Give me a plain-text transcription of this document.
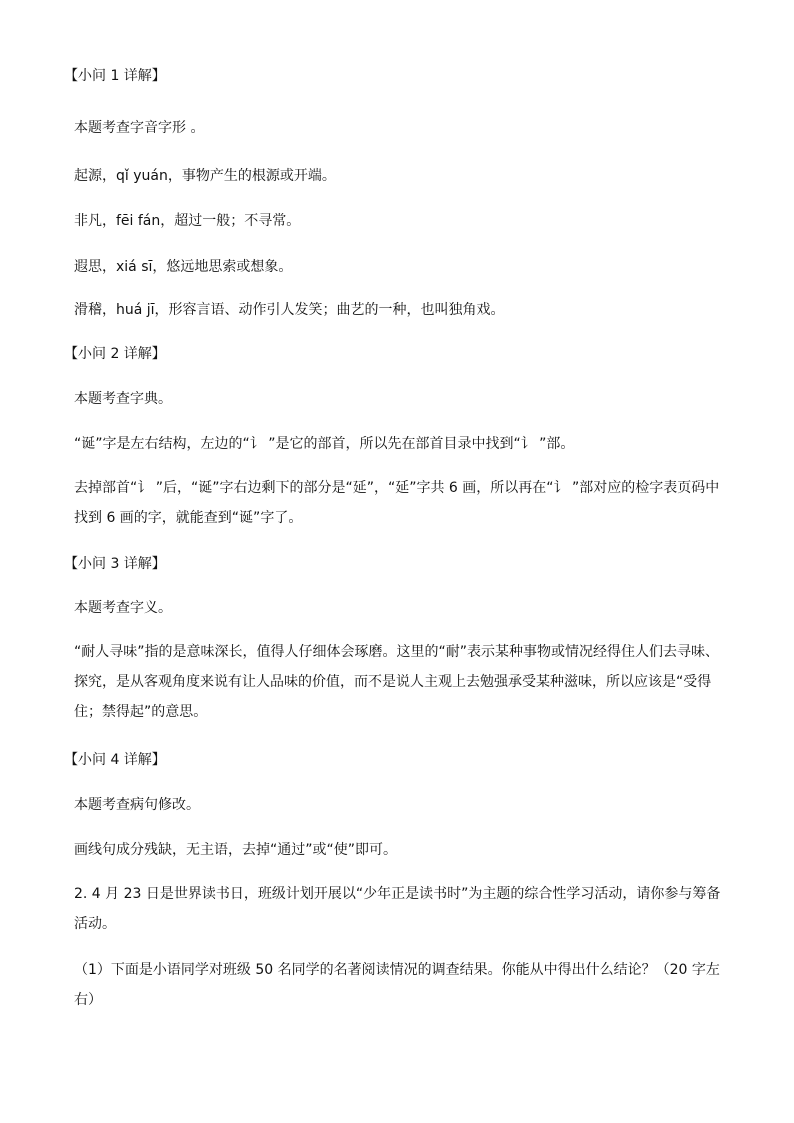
【小问 1 详解】
本题考查字音字形 。
起源，qǐ yuán，事物产生的根源或开端。
非凡，fēi fán，超过一般；不寻常。
遐思，xiá sī，悠远地思索或想象。
滑稽，huá jī，形容言语、动作引人发笑；曲艺的一种，也叫独角戏。
【小问 2 详解】
本题考查字典。
“诞”字是左右结构，左边的“讠 ”是它的部首，所以先在部首目录中找到“讠 ”部。
去掉部首“讠 ”后，“诞”字右边剩下的部分是“延”，“延”字共 6 画，所以再在“讠 ”部对应的检字表页码中找到 6 画的字，就能查到“诞”字了。
【小问 3 详解】
本题考查字义。
“耐人寻味”指的是意味深长，值得人仔细体会琢磨。这里的“耐”表示某种事物或情况经得住人们去寻味、探究，是从客观角度来说有让人品味的价值，而不是说人主观上去勉强承受某种滋味，所以应该是“受得住；禁得起”的意思。
【小问 4 详解】
本题考查病句修改。
画线句成分残缺，无主语，去掉“通过”或“使”即可。
2. 4 月 23 日是世界读书日，班级计划开展以“少年正是读书时”为主题的综合性学习活动，请你参与筹备活动。
（1）下面是小语同学对班级 50 名同学的名著阅读情况的调查结果。你能从中得出什么结论？（20 字左右）
